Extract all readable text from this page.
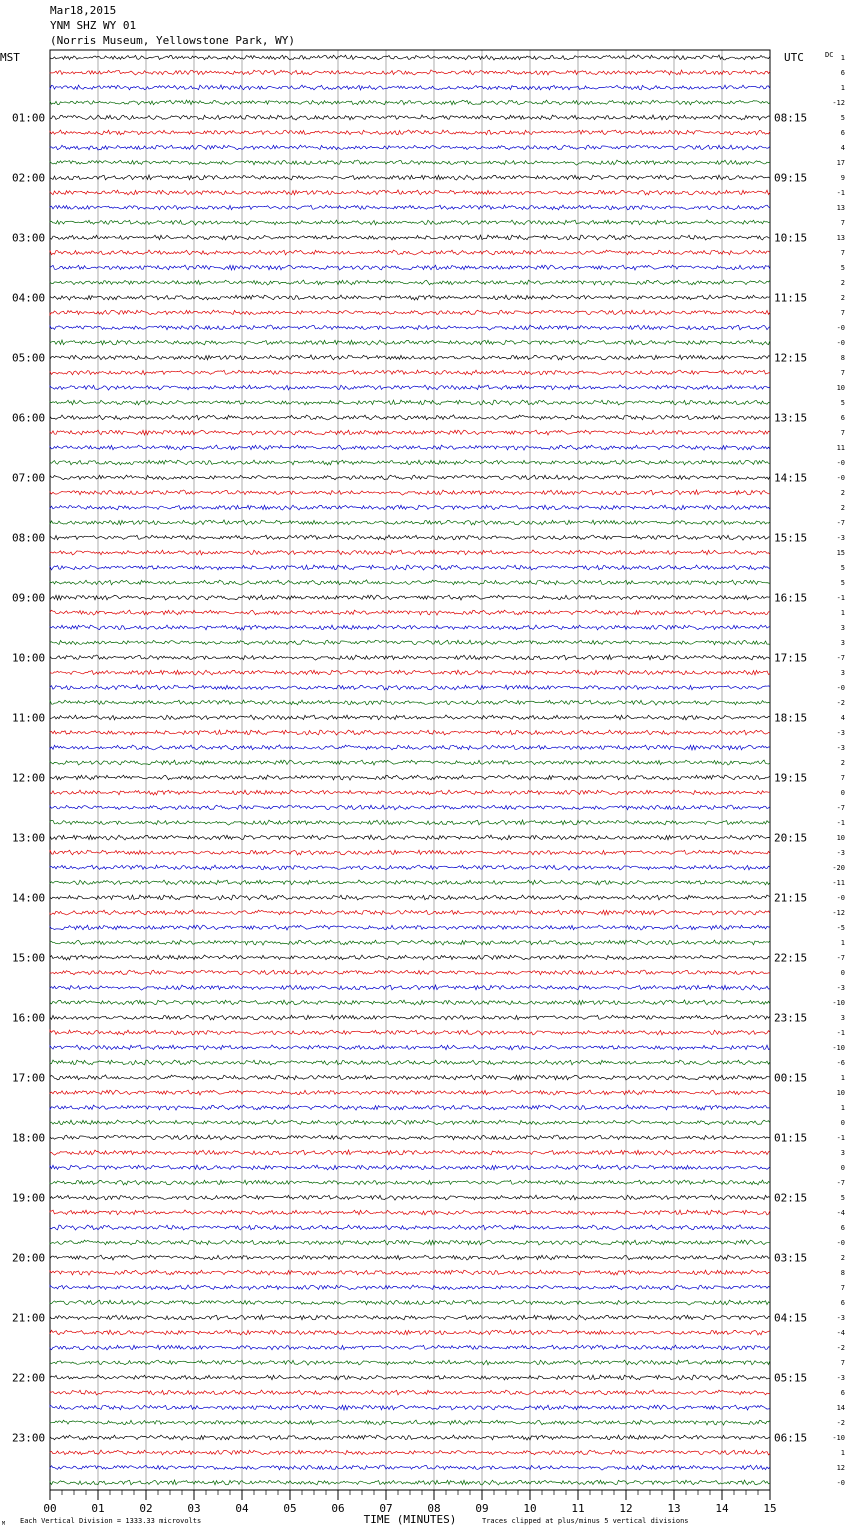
Mar18,2015
YNM SHZ WY 01
(Norris Museum, Yellowstone Park, WY)
MST	UTC	DC
01:00
02:00
03:00
04:00
05:00
06:00
07:00
08:00
09:00
10:00
11:00
12:00
13:00
14:00
15:00
16:00
17:00
18:00
19:00
20:00
21:00
22:00
23:00
08:15
09:15
10:15
11:15
12:15
13:15
14:15
15:15
16:15
17:15
18:15
19:15
20:15
21:15
22:15
23:15
00:15
01:15
02:15
03:15
04:15
05:15
06:15
1
6
1
-12
5
6
4
17
9
-1
13
7
13
7
5
2
2
7
-0
-0
8
7
10
5
6
7
11
-0
-0
2
2
-7
-3
15
5
5
-1
1
3
3
-7
3
-0
-2
4
-3
-3
2
7
0
-7
-1
10
-3
-20
-11
-0
-12
-5
1
-7
0
-3
-10
3
-1
-10
-6
1
10
1
0
-1
3
0
-7
5
-4
6
-0
2
8
7
6
-3
-4
-2
7
-3
6
14
-2
-10
1
12
-0
00	01	02	03	04	05	06	07	08	09	10	11	12	13	14	15
TIME (MINUTES)
Each Vertical Division = 1333.33 microvolts	Traces clipped at plus/minus 5 vertical divisions
M
